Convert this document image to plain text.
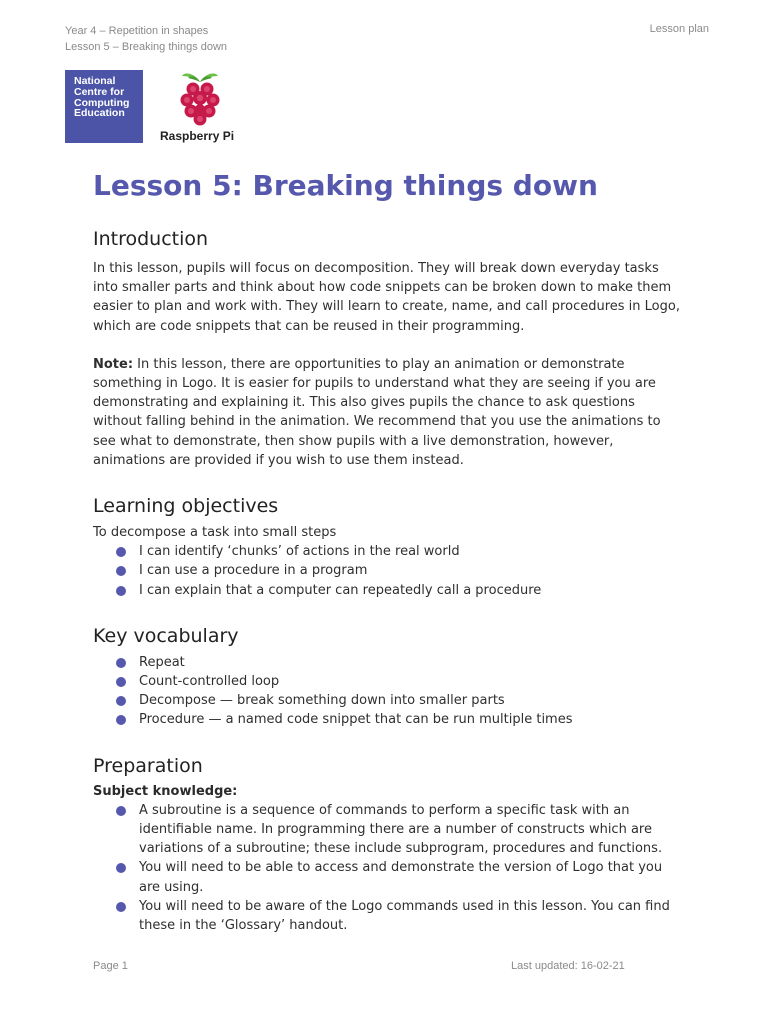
Year 4 – Repetition in shapes
Lesson 5 – Breaking things down
Lesson plan
National Centre for Computing Education
Raspberry Pi
Lesson 5: Breaking things down
Introduction

In this lesson, pupils will focus on decomposition. They will break down everyday tasks into smaller parts and think about how code snippets can be broken down to make them easier to plan and work with. They will learn to create, name, and call procedures in Logo, which are code snippets that can be reused in their programming.

Note: In this lesson, there are opportunities to play an animation or demonstrate something in Logo. It is easier for pupils to understand what they are seeing if you are demonstrating and explaining it. This also gives pupils the chance to ask questions without falling behind in the animation. We recommend that you use the animations to see what to demonstrate, then show pupils with a live demonstration, however, animations are provided if you wish to use them instead.

Learning objectives

To decompose a task into small steps

I can identify ‘chunks’ of actions in the real world
I can use a procedure in a program
I can explain that a computer can repeatedly call a procedure
Key vocabulary
Repeat
Count-controlled loop
Decompose — break something down into smaller parts
Procedure — a named code snippet that can be run multiple times
Preparation
Subject knowledge:
A subroutine is a sequence of commands to perform a specific task with an identifiable name. In programming there are a number of constructs which are variations of a subroutine; these include subprogram, procedures and functions.
You will need to be able to access and demonstrate the version of Logo that you are using.
You will need to be aware of the Logo commands used in this lesson. You can find these in the ‘Glossary’ handout.
Page 1	Last updated: 16-02-21
